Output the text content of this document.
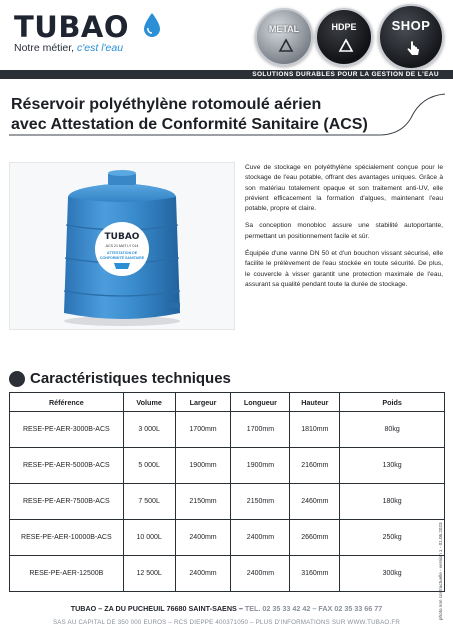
TUBAO
Notre métier, c'est l'eau
METAL	HDPE	SHOP
SOLUTIONS DURABLES POUR LA GESTION DE L'EAU
Réservoir polyéthylène rotomoulé aérien
avec Attestation de Conformité Sanitaire (ACS)
TUBAO
ACS 21 MAT LY 014
ATTESTATION DE
CONFORMITÉ SANITAIRE

Cuve de stockage en polyéthylène spécialement conçue pour le stockage de l'eau potable, offrant des avantages uniques. Grâce à son matériau totalement opaque et son traitement anti-UV, elle prévient efficacement la formation d'algues, maintenant l'eau potable, propre et claire.

Sa conception monobloc assure une stabilité autoportante, permettant un positionnement facile et sûr.

Équipée d'une vanne DN 50 et d'un bouchon vissant sécurisé, elle facilite le prélèvement de l'eau stockée en toute sécurité. De plus, le couvercle à visser garantit une protection maximale de l'eau, assurant sa qualité pendant toute la durée de stockage.

Caractéristiques techniques
Référence	Volume	Largeur	Longueur	Hauteur	Poids
RESE-PE-AER-3000B-ACS	3 000L	1700mm	1700mm	1810mm	80kg
RESE-PE-AER-5000B-ACS	5 000L	1900mm	1900mm	2160mm	130kg
RESE-PE-AER-7500B-ACS	7 500L	2150mm	2150mm	2460mm	180kg
RESE-PE-AER-10000B-ACS	10 000L	2400mm	2400mm	2660mm	250kg
RESE-PE-AER-12500B	12 500L	2400mm	2400mm	3160mm	300kg	photo non contractuelle - version 1 - 01.06.2023
TUBAO – ZA DU PUCHEUIL 76680 SAINT-SAENS – TEL. 02 35 33 42 42 – FAX 02 35 33 66 77
SAS AU CAPITAL DE 350 000 EUROS – RCS DIEPPE 400371050 – PLUS D'INFORMATIONS SUR WWW.TUBAO.FR
